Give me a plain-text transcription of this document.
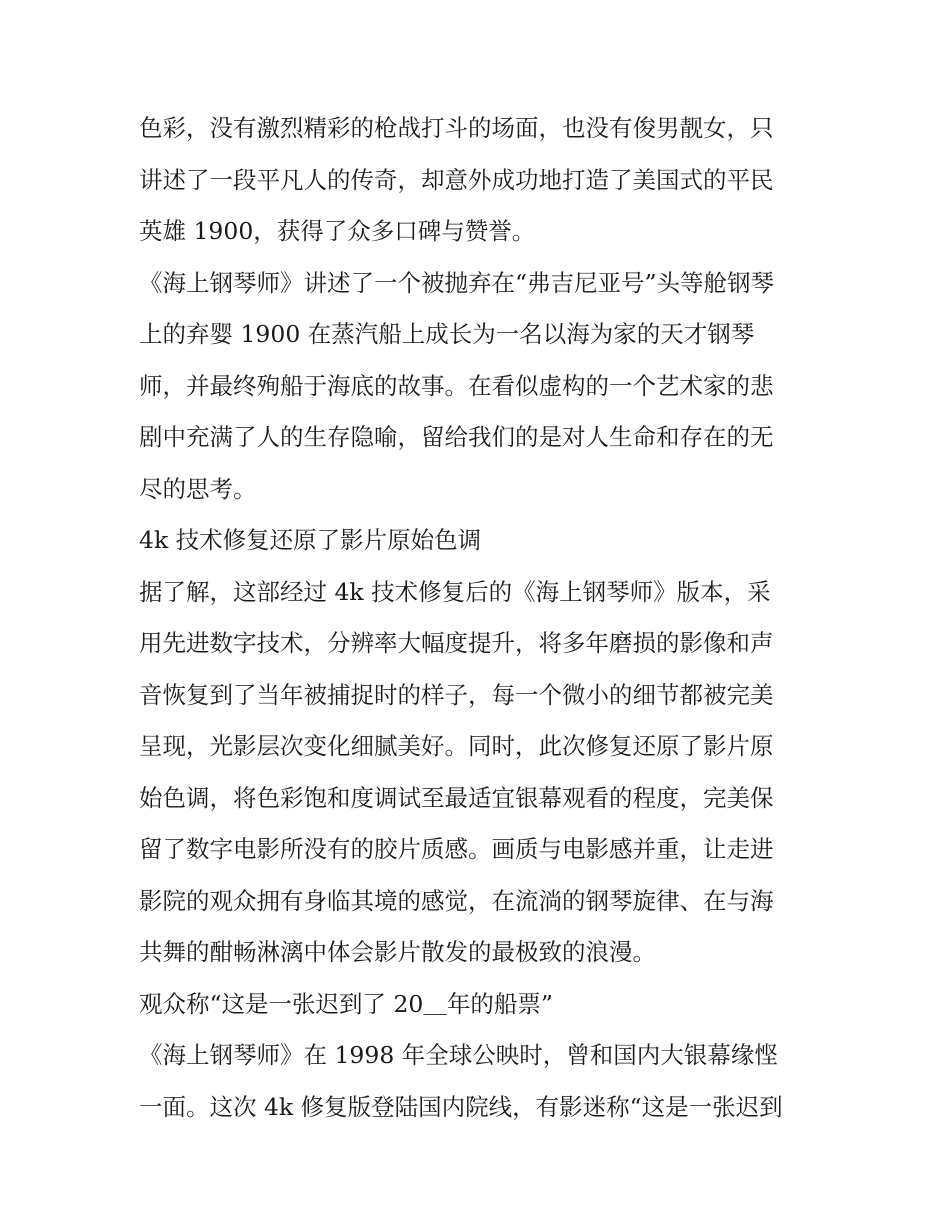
色彩，没有激烈精彩的枪战打斗的场面，也没有俊男靓女，只
讲述了一段平凡人的传奇，却意外成功地打造了美国式的平民
英雄 1900，获得了众多口碑与赞誉。
《海上钢琴师》讲述了一个被抛弃在“弗吉尼亚号”头等舱钢琴
上的弃婴 1900 在蒸汽船上成长为一名以海为家的天才钢琴
师，并最终殉船于海底的故事。在看似虚构的一个艺术家的悲
剧中充满了人的生存隐喻，留给我们的是对人生命和存在的无
尽的思考。
4k 技术修复还原了影片原始色调
据了解，这部经过 4k 技术修复后的《海上钢琴师》版本，采
用先进数字技术，分辨率大幅度提升，将多年磨损的影像和声
音恢复到了当年被捕捉时的样子，每一个微小的细节都被完美
呈现，光影层次变化细腻美好。同时，此次修复还原了影片原
始色调，将色彩饱和度调试至最适宜银幕观看的程度，完美保
留了数字电影所没有的胶片质感。画质与电影感并重，让走进
影院的观众拥有身临其境的感觉，在流淌的钢琴旋律、在与海
共舞的酣畅淋漓中体会影片散发的最极致的浪漫。
观众称“这是一张迟到了 20＿年的船票”
《海上钢琴师》在 1998 年全球公映时，曾和国内大银幕缘悭
一面。这次 4k 修复版登陆国内院线，有影迷称“这是一张迟到
